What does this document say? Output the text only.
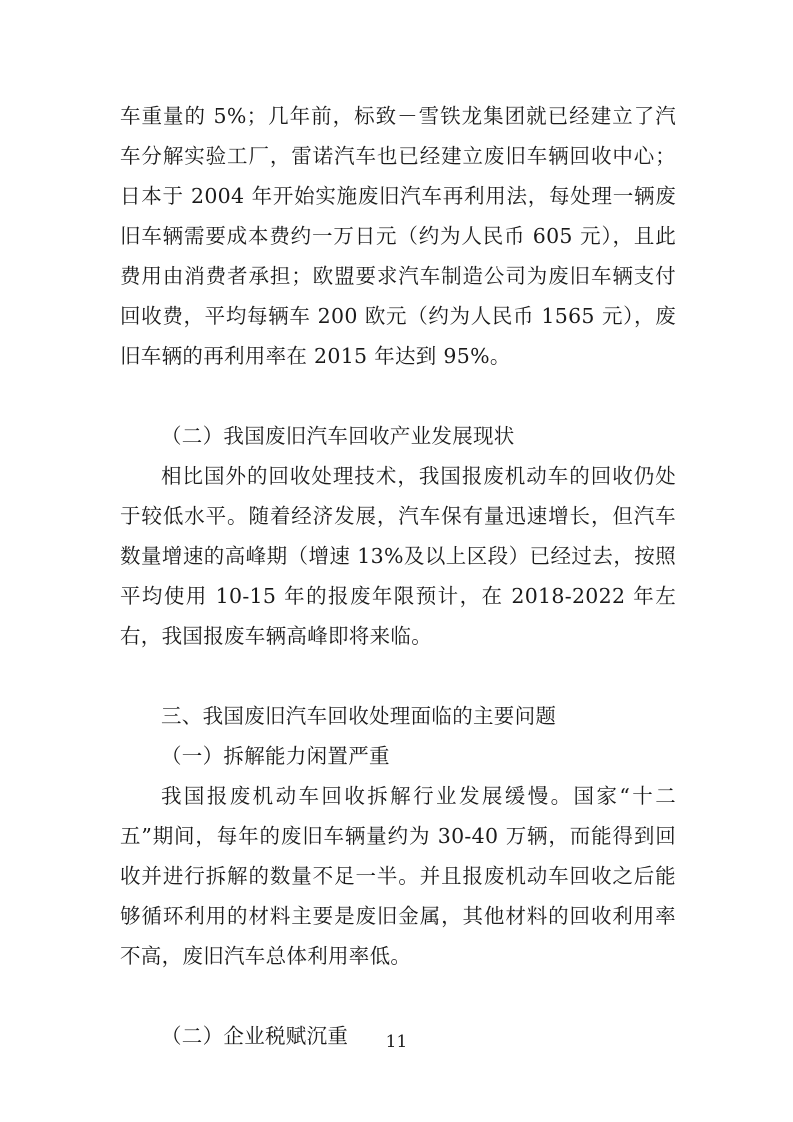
车重量的 5%；几年前，标致－雪铁龙集团就已经建立了汽车分解实验工厂，雷诺汽车也已经建立废旧车辆回收中心；日本于 2004 年开始实施废旧汽车再利用法，每处理一辆废旧车辆需要成本费约一万日元（约为人民币 605 元），且此费用由消费者承担；欧盟要求汽车制造公司为废旧车辆支付回收费，平均每辆车 200 欧元（约为人民币 1565 元），废旧车辆的再利用率在 2015 年达到 95%。

（二）我国废旧汽车回收产业发展现状

相比国外的回收处理技术，我国报废机动车的回收仍处于较低水平。随着经济发展，汽车保有量迅速增长，但汽车数量增速的高峰期（增速 13%及以上区段）已经过去，按照平均使用 10-15 年的报废年限预计，在 2018-2022 年左右，我国报废车辆高峰即将来临。

三、我国废旧汽车回收处理面临的主要问题

（一）拆解能力闲置严重

我国报废机动车回收拆解行业发展缓慢。国家“十二五”期间，每年的废旧车辆量约为 30-40 万辆，而能得到回收并进行拆解的数量不足一半。并且报废机动车回收之后能够循环利用的材料主要是废旧金属，其他材料的回收利用率不高，废旧汽车总体利用率低。

（二）企业税赋沉重	11
